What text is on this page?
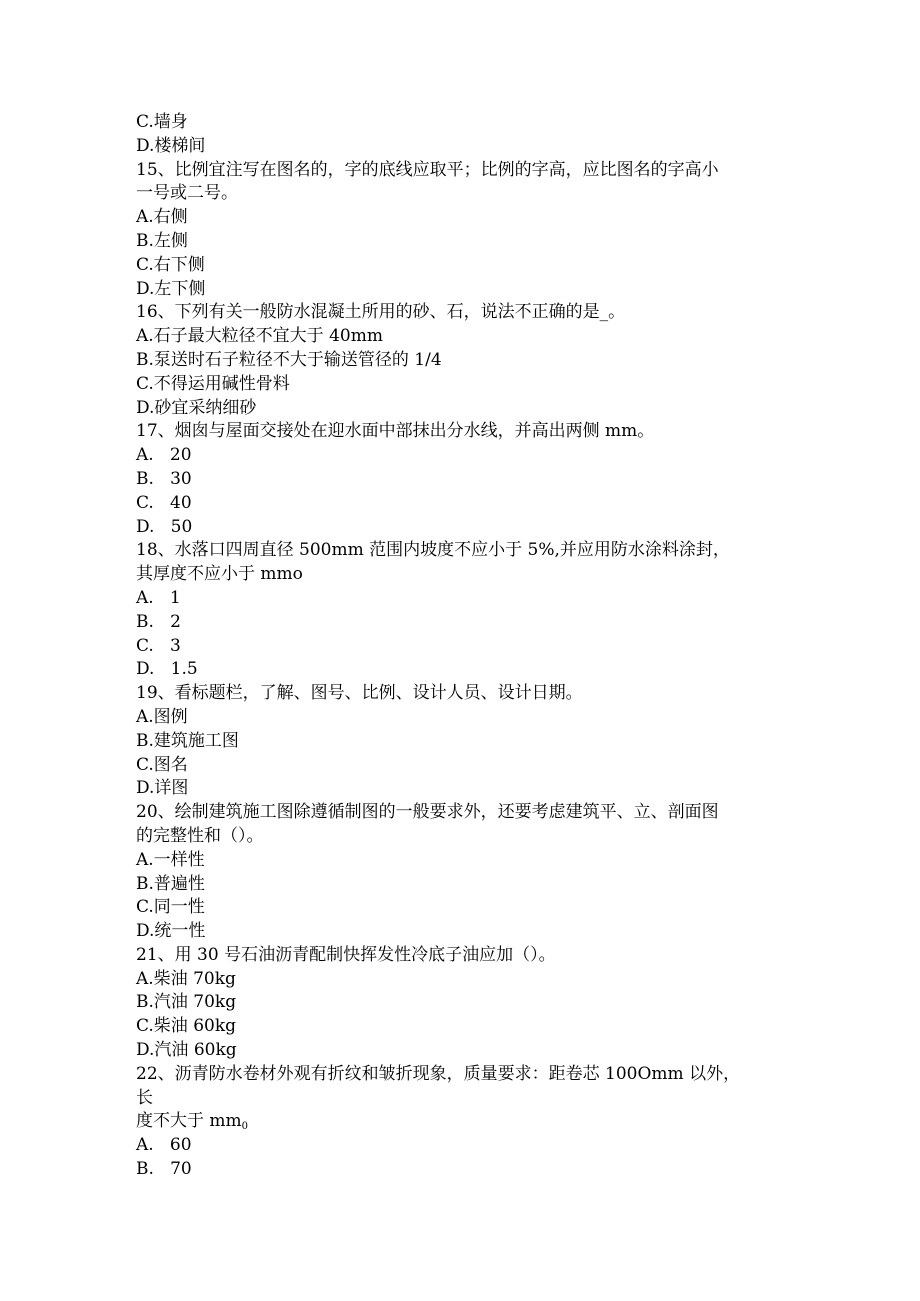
C.墙身
D.楼梯间
15、比例宜注写在图名的，字的底线应取平；比例的字高，应比图名的字高小
一号或二号。
A.右侧
B.左侧
C.右下侧
D.左下侧
16、下列有关一般防水混凝土所用的砂、石，说法不正确的是_。
A.石子最大粒径不宜大于 40mm
B.泵送时石子粒径不大于输送管径的 1/4
C.不得运用碱性骨料
D.砂宜采纳细砂
17、烟囱与屋面交接处在迎水面中部抹出分水线，并高出两侧 mm。
A.   20
B.   30
C.   40
D.   50
18、水落口四周直径 500mm 范围内坡度不应小于 5%,并应用防水涂料涂封，
其厚度不应小于 mmo
A.   1
B.   2
C.   3
D.   1.5
19、看标题栏，了解、图号、比例、设计人员、设计日期。
A.图例
B.建筑施工图
C.图名
D.详图
20、绘制建筑施工图除遵循制图的一般要求外，还要考虑建筑平、立、剖面图
的完整性和（）。
A.一样性
B.普遍性
C.同一性
D.统一性
21、用 30 号石油沥青配制快挥发性冷底子油应加（）。
A.柴油 70kg
B.汽油 70kg
C.柴油 60kg
D.汽油 60kg
22、沥青防水卷材外观有折纹和皱折现象，质量要求：距卷芯 100Omm 以外，
长
度不大于 $mm_0$
A.   60
B.   70
